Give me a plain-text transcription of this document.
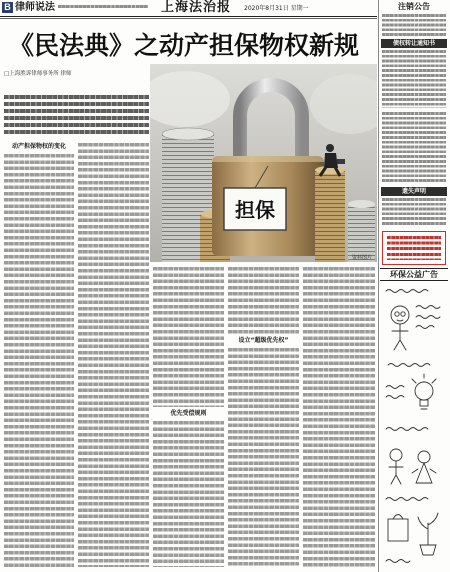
B 律师说法	上海法治报 2020年8月31日 星期一
《民法典》之动产担保物权新规
□上海胜诉律师事务所 律师
动产担保物权的变化
担保
资料图片
优先受偿规则
设立“超级优先权”
注销公告
债权转让通知书
遗失声明
环保公益广告
